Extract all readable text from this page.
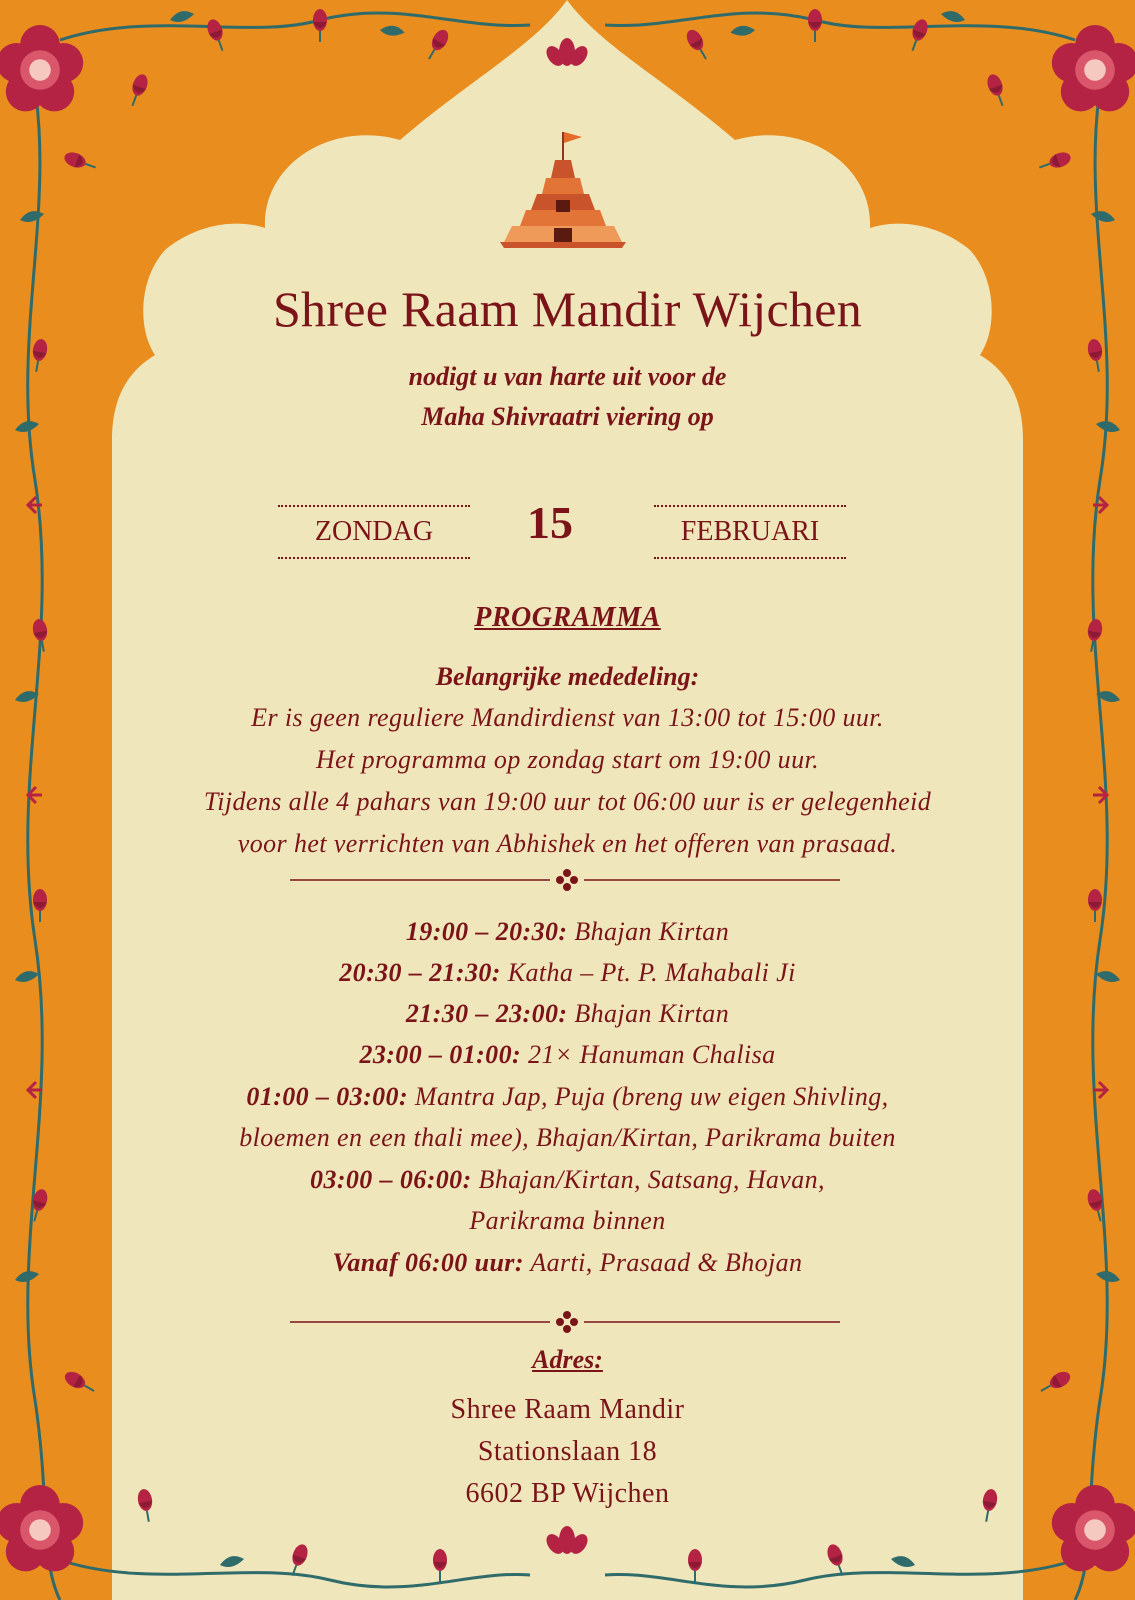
Shree Raam Mandir Wijchen
nodigt u van harte uit voor de
Maha Shivraatri viering op
ZONDAG	15	FEBRUARI
PROGRAMMA
Belangrijke mededeling:
Er is geen reguliere Mandirdienst van 13:00 tot 15:00 uur.
Het programma op zondag start om 19:00 uur.
Tijdens alle 4 pahars van 19:00 uur tot 06:00 uur is er gelegenheid
voor het verrichten van Abhishek en het offeren van prasaad.
19:00 – 20:30: Bhajan Kirtan
20:30 – 21:30: Katha – Pt. P. Mahabali Ji
21:30 – 23:00: Bhajan Kirtan
23:00 – 01:00: 21× Hanuman Chalisa
01:00 – 03:00: Mantra Jap, Puja (breng uw eigen Shivling,
bloemen en een thali mee), Bhajan/Kirtan, Parikrama buiten
03:00 – 06:00: Bhajan/Kirtan, Satsang, Havan,
Parikrama binnen
Vanaf 06:00 uur: Aarti, Prasaad & Bhojan
Adres:
Shree Raam Mandir
Stationslaan 18
6602 BP Wijchen
